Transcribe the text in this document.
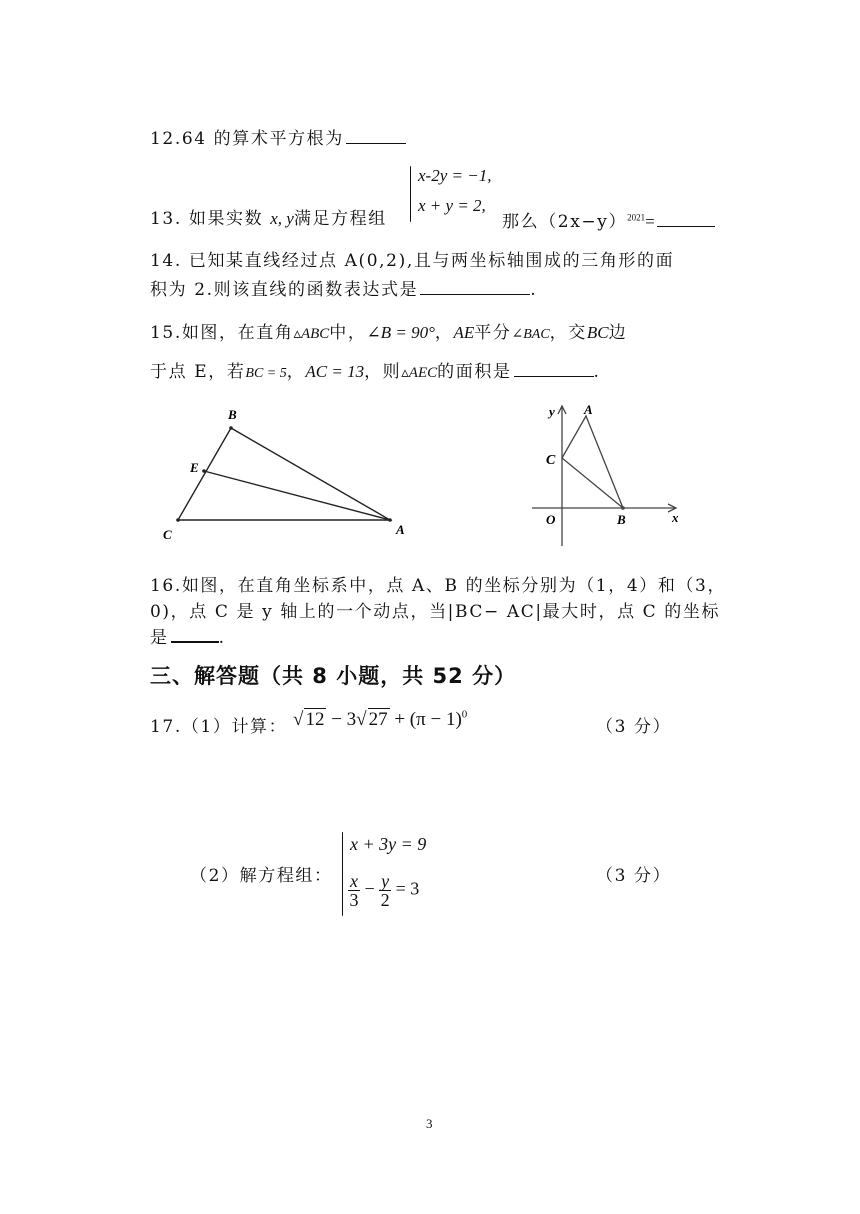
12.64 的算术平方根为
13. 如果实数 x, y满足方程组
x-2y = −1,
x + y = 2,
那么$(2x-y)^{2021}=$
14. 已知某直线经过点 A(0,2),且与两坐标轴围成的三角形的面
积为 2.则该直线的函数表达式是	.
15.如图，在直角▵ABC中，∠B = 90°，AE平分∠BAC，交BC边
于点 E，若BC = 5，AC = 13，则▵AEC的面积是	.
B
E
C	A
y A
C
O	B	x
16.如图，在直角坐标系中，点 A、B 的坐标分别为（1，4）和（3，
0)，点 C 是 y 轴上的一个动点，当|BC− AC|最大时，点 C 的坐标
是	.
三、解答题（共 8 小题，共 52 分）
17.（1）计算： √ 12 − 3√ $27 + (\pi - 1)^0$
（3 分）
（2）解方程组：
x + 3y = 9
$\frac{x}{3} - \frac{y}{2} = 3$
（3 分）
3
